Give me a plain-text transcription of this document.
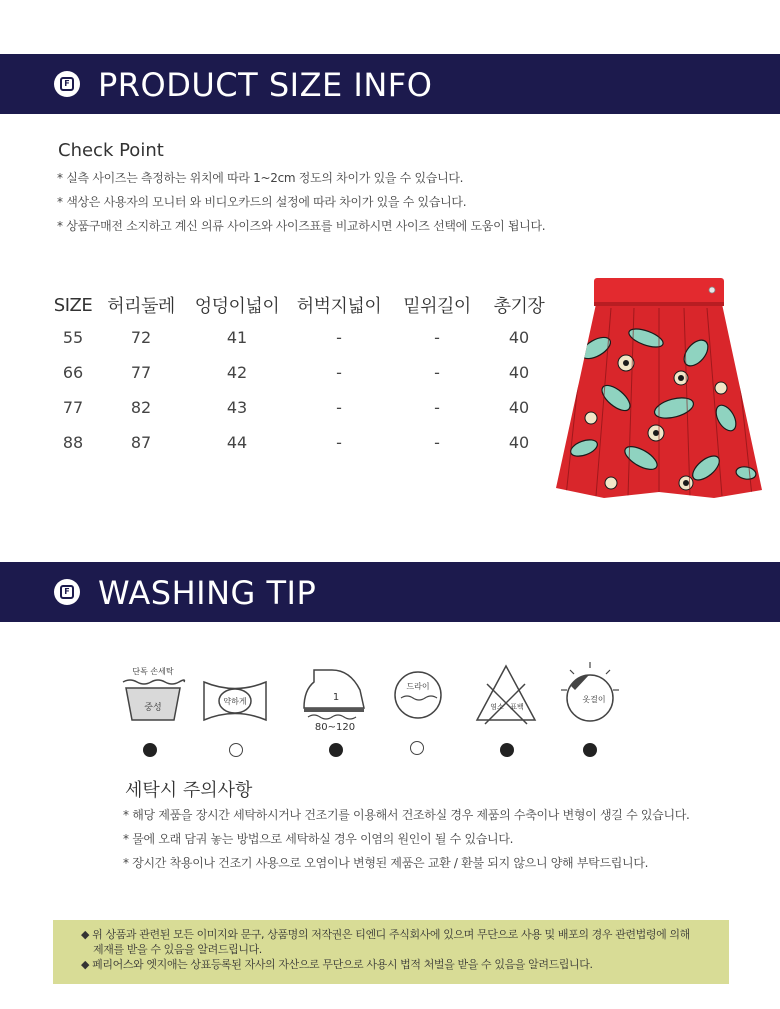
F PRODUCT SIZE INFO
Check Point
* 실측 사이즈는 측정하는 위치에 따라 1~2cm 정도의 차이가 있을 수 있습니다.
* 색상은 사용자의 모니터 와 비디오카드의 설정에 따라 차이가 있을 수 있습니다.
* 상품구매전 소지하고 계신 의류 사이즈와 사이즈표를 비교하시면 사이즈 선택에 도움이 됩니다.
SIZE	허리둘레	엉덩이넓이	허벅지넓이	밑위길이	총기장
55	72	41	-	-	40
66	77	42	-	-	40
77	82	43	-	-	40
88	87	44	-	-	40
F WASHING TIP
단독 손세탁
중성
약하게	1
80~120
드라이
염소 표백
옷걸이
세탁시 주의사항
* 해당 제품을 장시간 세탁하시거나 건조기를 이용해서 건조하실 경우 제품의 수축이나 변형이 생길 수 있습니다.
* 물에 오래 담궈 놓는 방법으로 세탁하실 경우 이염의 원인이 될 수 있습니다.
* 장시간 착용이나 건조기 사용으로 오염이나 변형된 제품은 교환 / 환불 되지 않으니 양해 부탁드립니다.

◆ 위 상품과 관련된 모든 이미지와 문구, 상품명의 저작권은 티엔디 주식회사에 있으며 무단으로 사용 및 배포의 경우 관련법령에 의해

제재를 받을 수 있음을 알려드립니다.

◆ 페리어스와 엣지애는 상표등록된 자사의 자산으로 무단으로 사용시 법적 처벌을 받을 수 있음을 알려드립니다.
